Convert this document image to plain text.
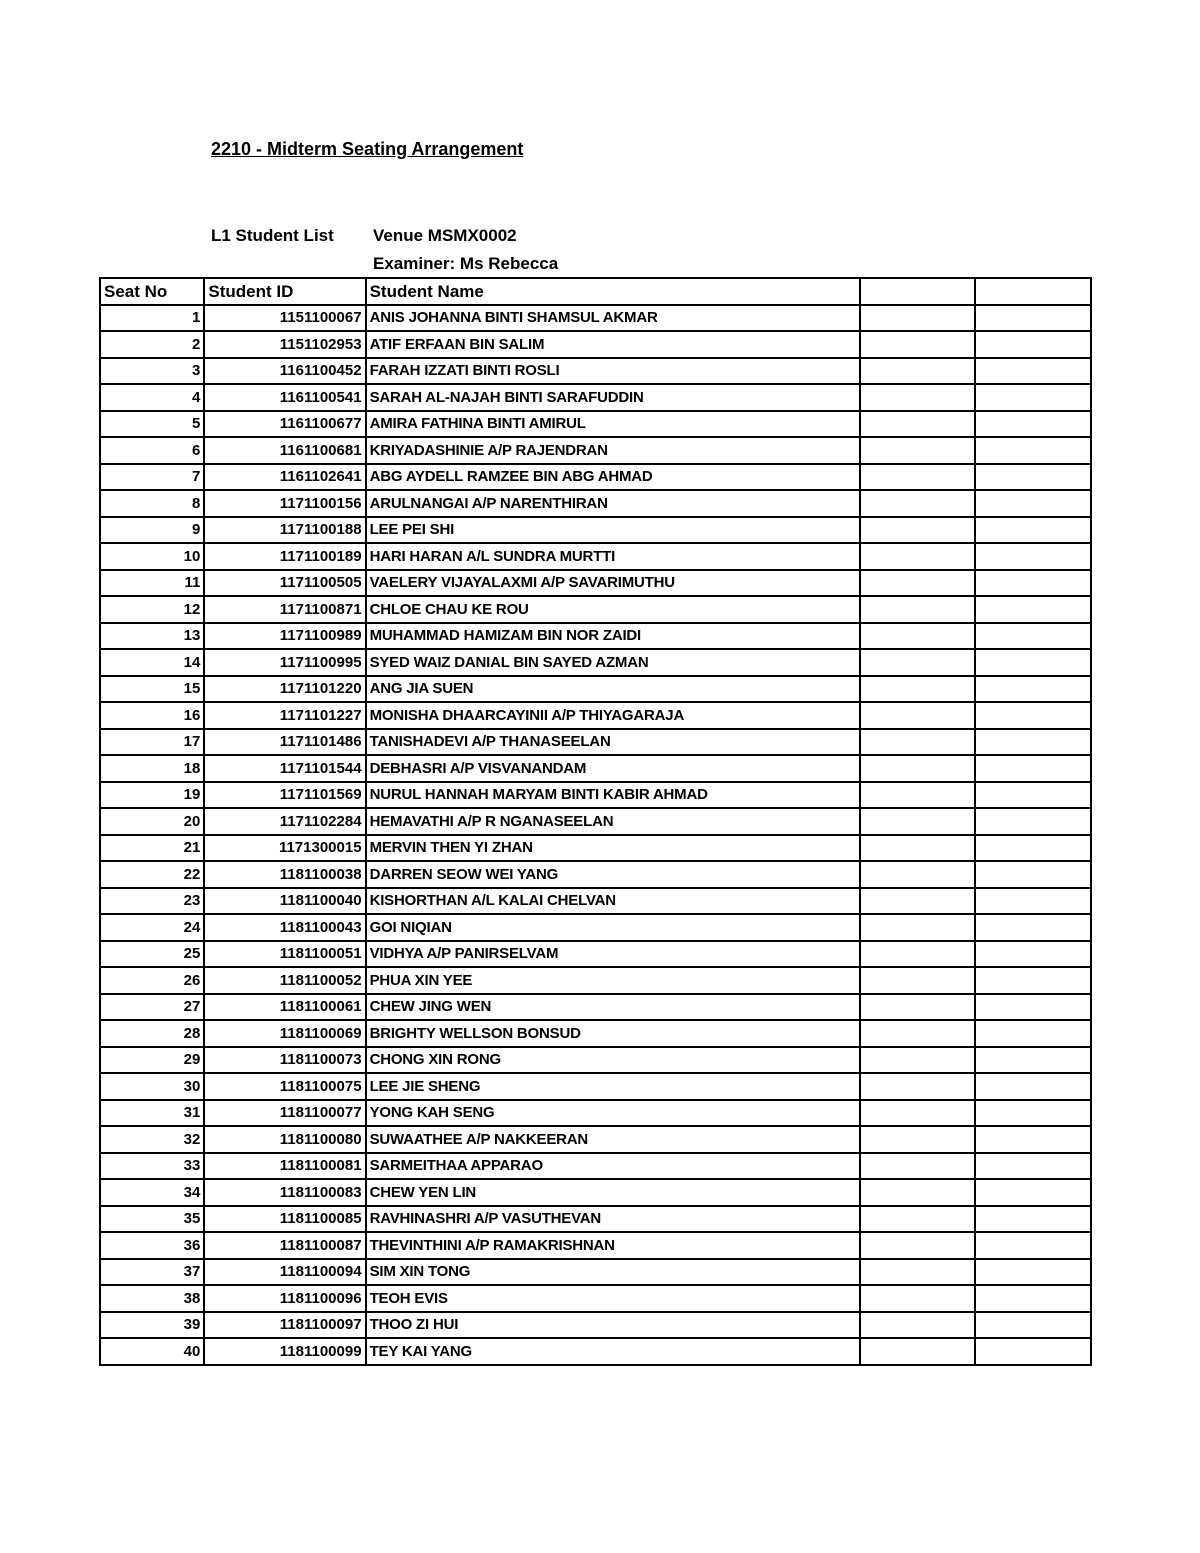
2210 - Midterm Seating Arrangement
L1 Student List Venue MSMX0002
Examiner: Ms Rebecca
Seat No	Student ID	Student Name		
1	1151100067	ANIS JOHANNA BINTI SHAMSUL AKMAR		
2	1151102953	ATIF ERFAAN BIN SALIM		
3	1161100452	FARAH IZZATI BINTI ROSLI		
4	1161100541	SARAH AL-NAJAH BINTI SARAFUDDIN		
5	1161100677	AMIRA FATHINA BINTI AMIRUL		
6	1161100681	KRIYADASHINIE A/P RAJENDRAN		
7	1161102641	ABG AYDELL RAMZEE BIN ABG AHMAD		
8	1171100156	ARULNANGAI A/P NARENTHIRAN		
9	1171100188	LEE PEI SHI		
10	1171100189	HARI HARAN A/L SUNDRA MURTTI		
11	1171100505	VAELERY VIJAYALAXMI A/P SAVARIMUTHU		
12	1171100871	CHLOE CHAU KE ROU		
13	1171100989	MUHAMMAD HAMIZAM BIN NOR ZAIDI		
14	1171100995	SYED WAIZ DANIAL BIN SAYED AZMAN		
15	1171101220	ANG JIA SUEN		
16	1171101227	MONISHA DHAARCAYINII A/P THIYAGARAJA		
17	1171101486	TANISHADEVI A/P THANASEELAN		
18	1171101544	DEBHASRI A/P VISVANANDAM		
19	1171101569	NURUL HANNAH MARYAM BINTI KABIR AHMAD		
20	1171102284	HEMAVATHI A/P R NGANASEELAN		
21	1171300015	MERVIN THEN YI ZHAN		
22	1181100038	DARREN SEOW WEI YANG		
23	1181100040	KISHORTHAN A/L KALAI CHELVAN		
24	1181100043	GOI NIQIAN		
25	1181100051	VIDHYA A/P PANIRSELVAM		
26	1181100052	PHUA XIN YEE		
27	1181100061	CHEW JING WEN		
28	1181100069	BRIGHTY WELLSON BONSUD		
29	1181100073	CHONG XIN RONG		
30	1181100075	LEE JIE SHENG		
31	1181100077	YONG KAH SENG		
32	1181100080	SUWAATHEE A/P NAKKEERAN		
33	1181100081	SARMEITHAA APPARAO		
34	1181100083	CHEW YEN LIN		
35	1181100085	RAVHINASHRI A/P VASUTHEVAN		
36	1181100087	THEVINTHINI A/P RAMAKRISHNAN		
37	1181100094	SIM XIN TONG		
38	1181100096	TEOH EVIS		
39	1181100097	THOO ZI HUI		
40	1181100099	TEY KAI YANG		
